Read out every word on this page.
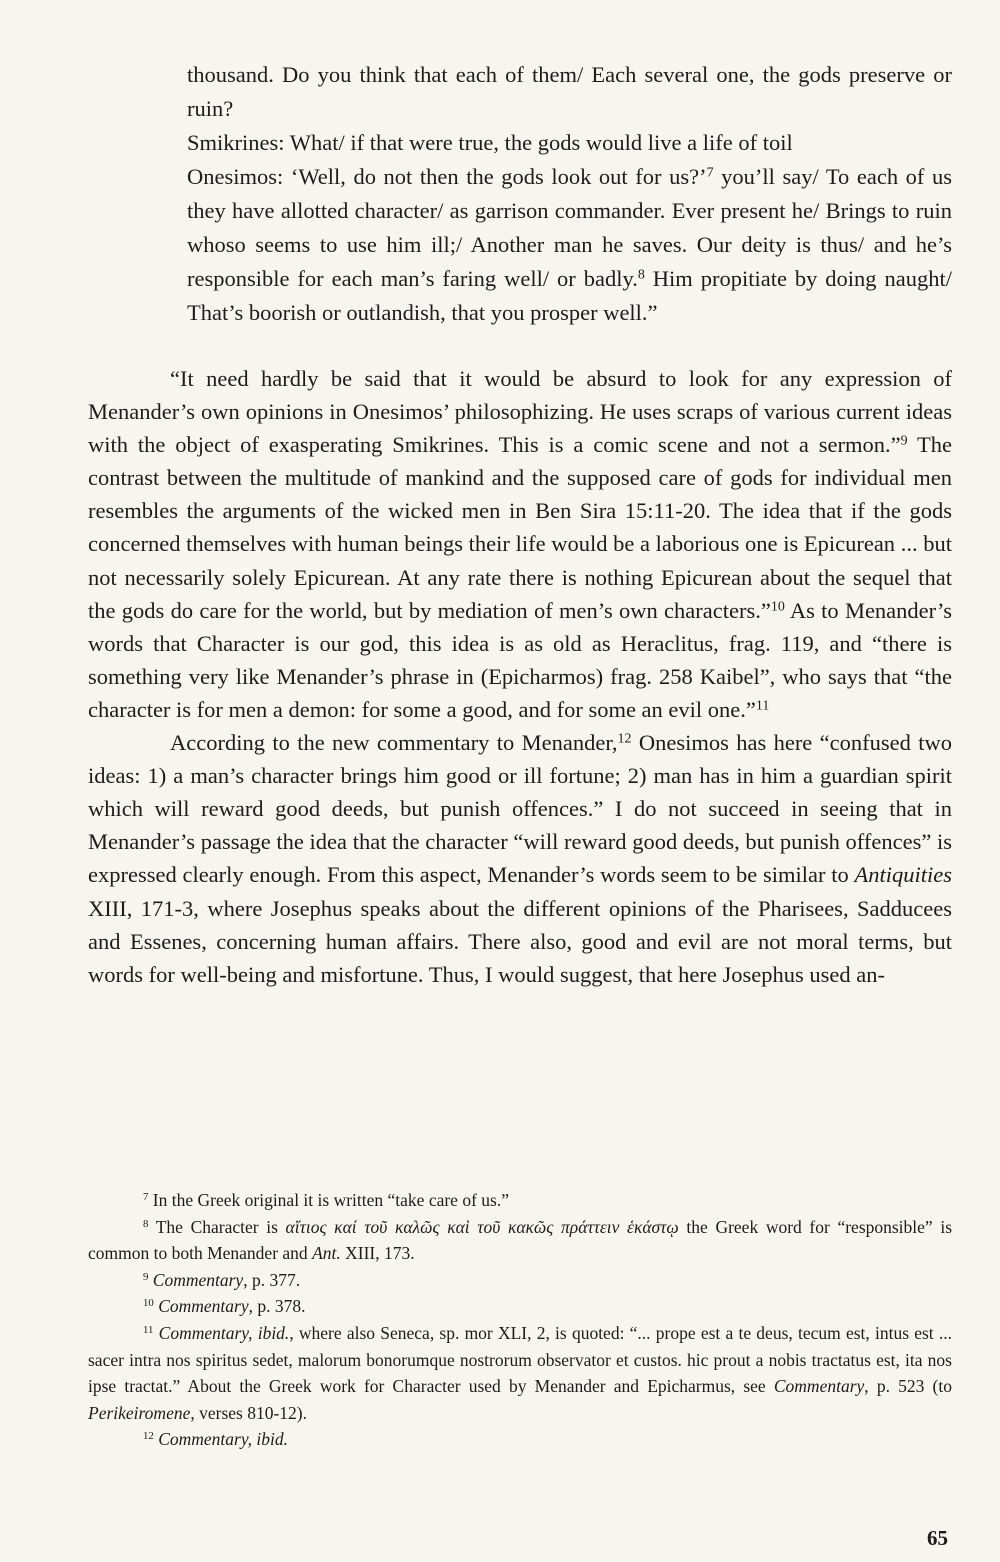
thousand. Do you think that each of them/ Each several one, the gods preserve or ruin?

Smikrines: What/ if that were true, the gods would live a life of toil

Onesimos: ‘Well, do not then the gods look out for us?’$^7$ you’ll say/ To each of us they have allotted character/ as garrison commander. Ever present he/ Brings to ruin whoso seems to use him ill;/ Another man he saves. Our deity is thus/ and he’s responsible for each man’s faring well/ or badly.$^8$ Him propitiate by doing naught/ That’s boorish or outlandish, that you prosper well.”

“It need hardly be said that it would be absurd to look for any expression of Menander’s own opinions in Onesimos’ philosophizing. He uses scraps of various current ideas with the object of exasperating Smikrines. This is a comic scene and not a sermon.”$^9$ The contrast between the multitude of mankind and the supposed care of gods for individual men resembles the arguments of the wicked men in Ben Sira 15:11-20. The idea that if the gods concerned themselves with human beings their life would be a laborious one is Epicurean ... but not necessarily solely Epicurean. At any rate there is nothing Epicurean about the sequel that the gods do care for the world, but by mediation of men’s own characters.”$^{10}$ As to Menander’s words that Character is our god, this idea is as old as Heraclitus, frag. 119, and “there is something very like Menander’s phrase in (Epicharmos) frag. 258 Kaibel”, who says that “the character is for men a demon: for some a good, and for some an evil one.”$^{11}$

According to the new commentary to Menander,$^{12}$ Onesimos has here “confused two ideas: 1) a man’s character brings him good or ill fortune; 2) man has in him a guardian spirit which will reward good deeds, but punish offences.” I do not succeed in seeing that in Menander’s passage the idea that the character “will reward good deeds, but punish offences” is expressed clearly enough. From this aspect, Menander’s words seem to be similar to Antiquities XIII, 171-3, where Josephus speaks about the different opinions of the Pharisees, Sadducees and Essenes, concerning human affairs. There also, good and evil are not moral terms, but words for well-being and misfortune. Thus, I would suggest, that here Josephus used an-

$^7$ In the Greek original it is written “take care of us.”

$^8$ The Character is αἴτιος καί τοῦ καλῶς καὶ τοῦ κακῶς πράττειν ἑκάστῳ the Greek word for “responsible” is common to both Menander and Ant. XIII, 173.

$^9$ Commentary, p. 377.

$^{10}$ Commentary, p. 378.

$^{11}$ Commentary, ibid., where also Seneca, sp. mor XLI, 2, is quoted: “... prope est a te deus, tecum est, intus est ... sacer intra nos spiritus sedet, malorum bonorumque nostrorum observator et custos. hic prout a nobis tractatus est, ita nos ipse tractat.” About the Greek work for Character used by Menander and Epicharmus, see Commentary, p. 523 (to Perikeiromene, verses 810-12).

$^{12}$ Commentary, ibid.

65
